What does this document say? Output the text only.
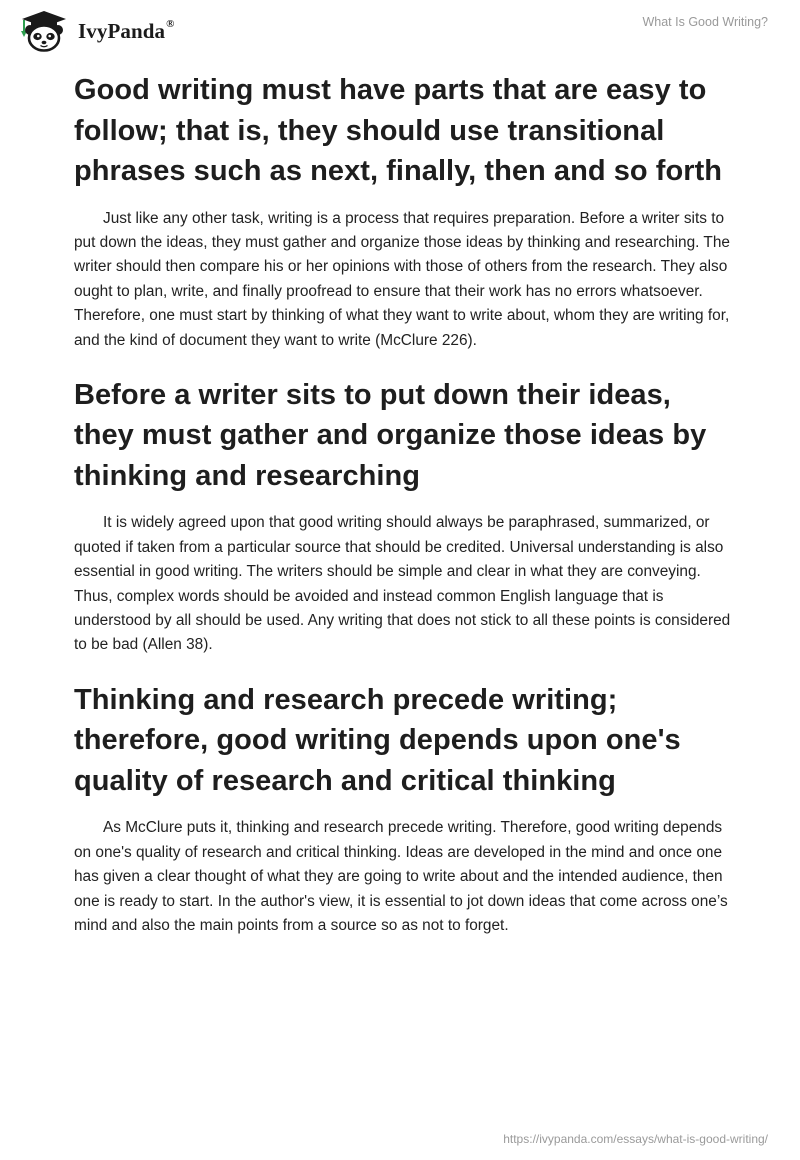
IvyPanda®	What Is Good Writing?
Good writing must have parts that are easy to follow; that is, they should use transitional phrases such as next, finally, then and so forth

Just like any other task, writing is a process that requires preparation. Before a writer sits to put down the ideas, they must gather and organize those ideas by thinking and researching. The writer should then compare his or her opinions with those of others from the research. They also ought to plan, write, and finally proofread to ensure that their work has no errors whatsoever. Therefore, one must start by thinking of what they want to write about, whom they are writing for, and the kind of document they want to write (McClure 226).

Before a writer sits to put down their ideas, they must gather and organize those ideas by thinking and researching

It is widely agreed upon that good writing should always be paraphrased, summarized, or quoted if taken from a particular source that should be credited. Universal understanding is also essential in good writing. The writers should be simple and clear in what they are conveying. Thus, complex words should be avoided and instead common English language that is understood by all should be used. Any writing that does not stick to all these points is considered to be bad (Allen 38).

Thinking and research precede writing; therefore, good writing depends upon one's quality of research and critical thinking

As McClure puts it, thinking and research precede writing. Therefore, good writing depends on one's quality of research and critical thinking. Ideas are developed in the mind and once one has given a clear thought of what they are going to write about and the intended audience, then one is ready to start. In the author's view, it is essential to jot down ideas that come across one’s mind and also the main points from a source so as not to forget.

https://ivypanda.com/essays/what-is-good-writing/
